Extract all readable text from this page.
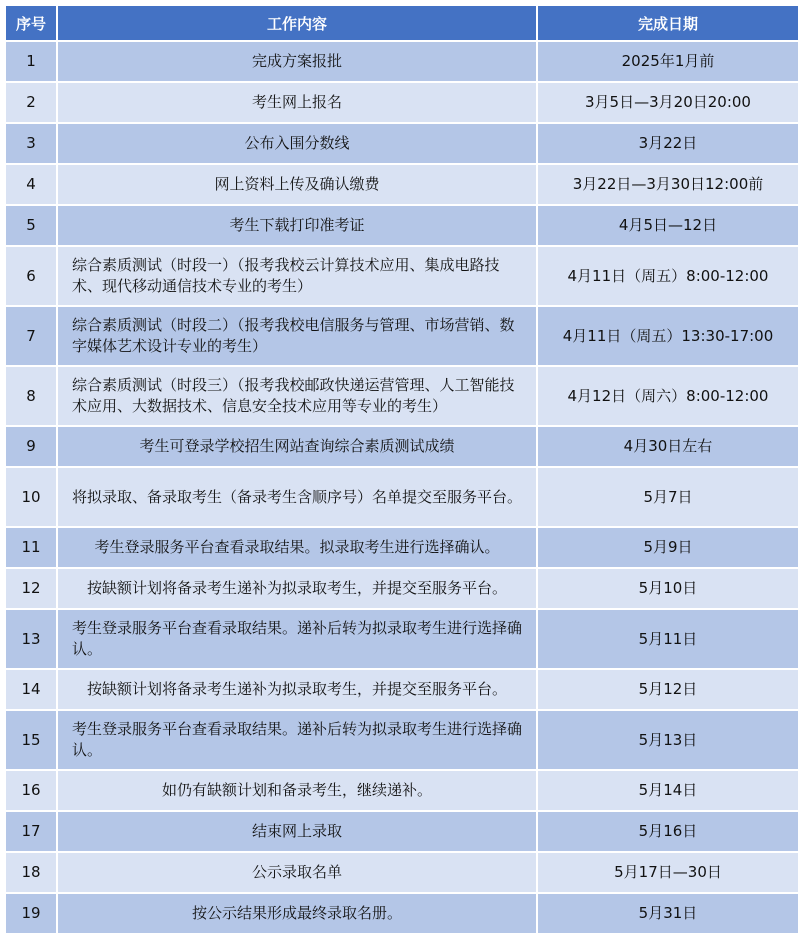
序号	工作内容	完成日期
1	完成方案报批	2025年1月前
2	考生网上报名	3月5日—3月20日20:00
3	公布入围分数线	3月22日
4	网上资料上传及确认缴费	3月22日—3月30日12:00前
5	考生下载打印准考证	4月5日—12日
6	综合素质测试（时段一）（报考我校云计算技术应用、集成电路技术、现代移动通信技术专业的考生）	4月11日（周五）8:00-12:00
7	综合素质测试（时段二）（报考我校电信服务与管理、市场营销、数字媒体艺术设计专业的考生）	4月11日（周五）13:30-17:00
8	综合素质测试（时段三）（报考我校邮政快递运营管理、人工智能技术应用、大数据技术、信息安全技术应用等专业的考生）	4月12日（周六）8:00-12:00
9	考生可登录学校招生网站查询综合素质测试成绩	4月30日左右
10	将拟录取、备录取考生（备录考生含顺序号）名单提交至服务平台。	5月7日
11	考生登录服务平台查看录取结果。拟录取考生进行选择确认。	5月9日
12	按缺额计划将备录考生递补为拟录取考生，并提交至服务平台。	5月10日
13	考生登录服务平台查看录取结果。递补后转为拟录取考生进行选择确认。	5月11日
14	按缺额计划将备录考生递补为拟录取考生，并提交至服务平台。	5月12日
15	考生登录服务平台查看录取结果。递补后转为拟录取考生进行选择确认。	5月13日
16	如仍有缺额计划和备录考生，继续递补。	5月14日
17	结束网上录取	5月16日
18	公示录取名单	5月17日—30日
19	按公示结果形成最终录取名册。	5月31日
